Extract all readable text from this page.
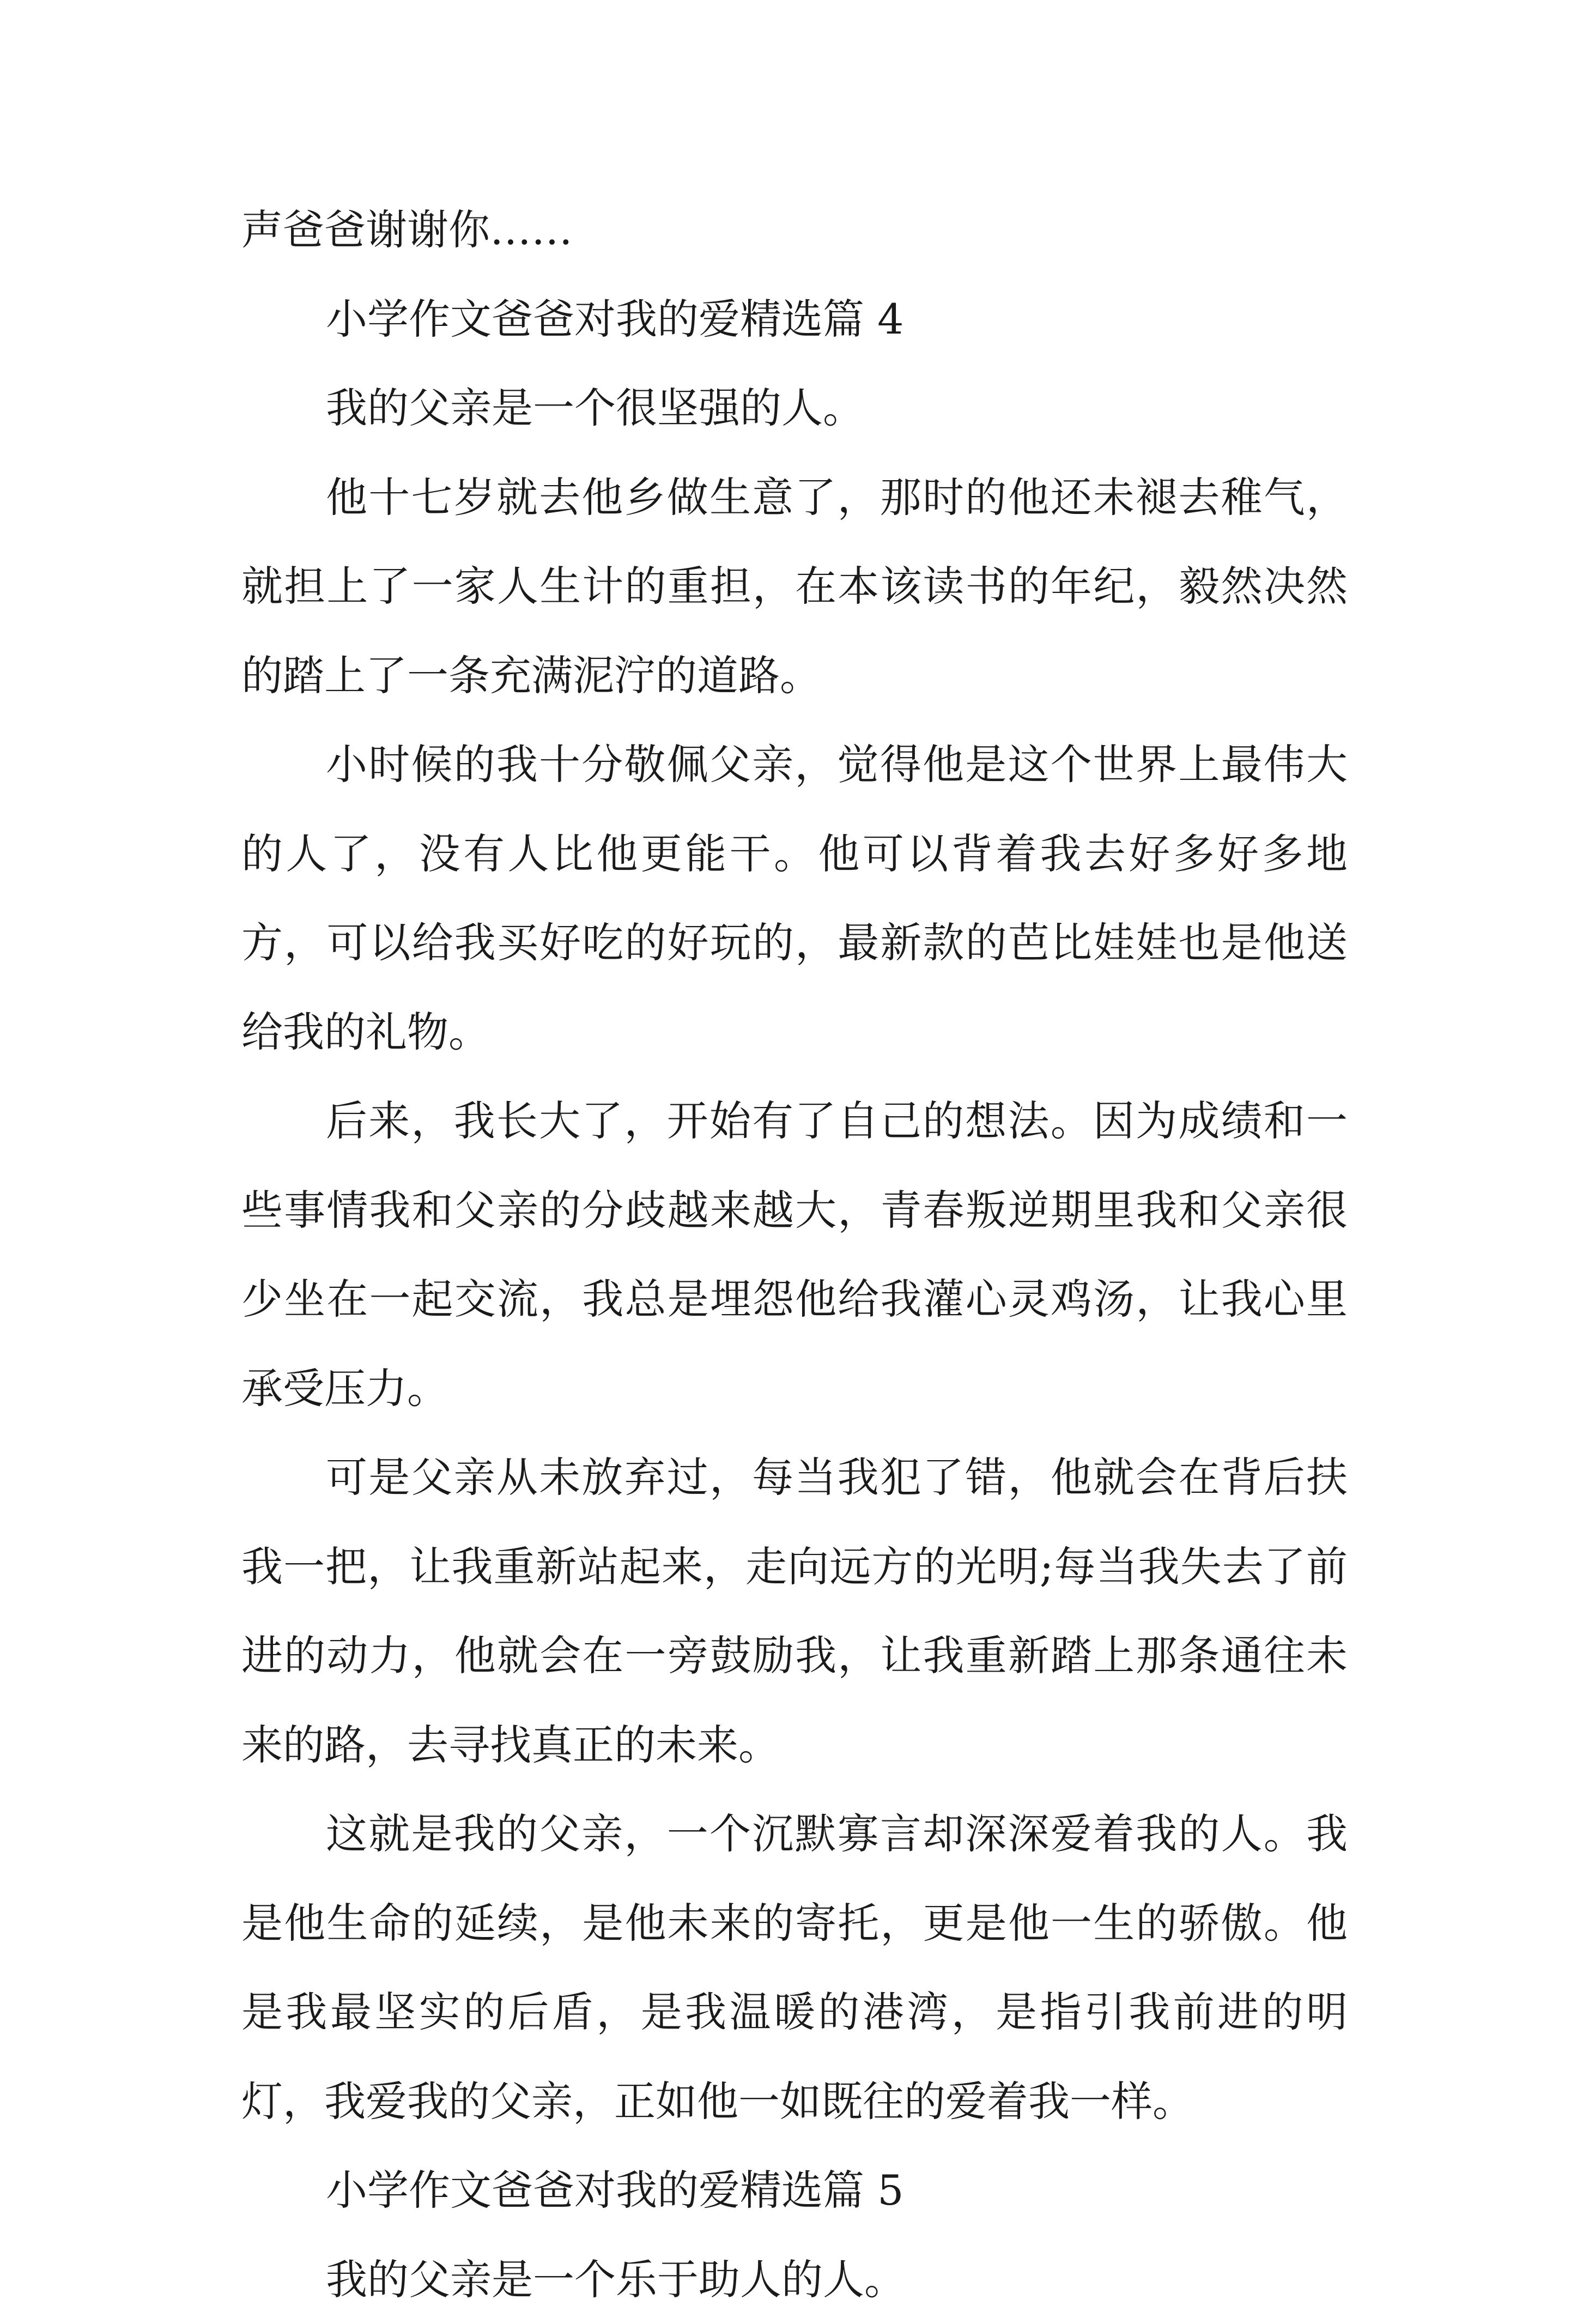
声爸爸谢谢你……

小学作文爸爸对我的爱精选篇 4

我的父亲是一个很坚强的人。

他十七岁就去他乡做生意了，那时的他还未褪去稚气，就担上了一家人生计的重担，在本该读书的年纪，毅然决然的踏上了一条充满泥泞的道路。

小时候的我十分敬佩父亲，觉得他是这个世界上最伟大的人了，没有人比他更能干。他可以背着我去好多好多地方，可以给我买好吃的好玩的，最新款的芭比娃娃也是他送给我的礼物。

后来，我长大了，开始有了自己的想法。因为成绩和一些事情我和父亲的分歧越来越大，青春叛逆期里我和父亲很少坐在一起交流，我总是埋怨他给我灌心灵鸡汤，让我心里承受压力。

可是父亲从未放弃过，每当我犯了错，他就会在背后扶我一把，让我重新站起来，走向远方的光明;每当我失去了前进的动力，他就会在一旁鼓励我，让我重新踏上那条通往未来的路，去寻找真正的未来。

这就是我的父亲，一个沉默寡言却深深爱着我的人。我是他生命的延续，是他未来的寄托，更是他一生的骄傲。他是我最坚实的后盾，是我温暖的港湾，是指引我前进的明灯，我爱我的父亲，正如他一如既往的爱着我一样。

小学作文爸爸对我的爱精选篇 5

我的父亲是一个乐于助人的人。
